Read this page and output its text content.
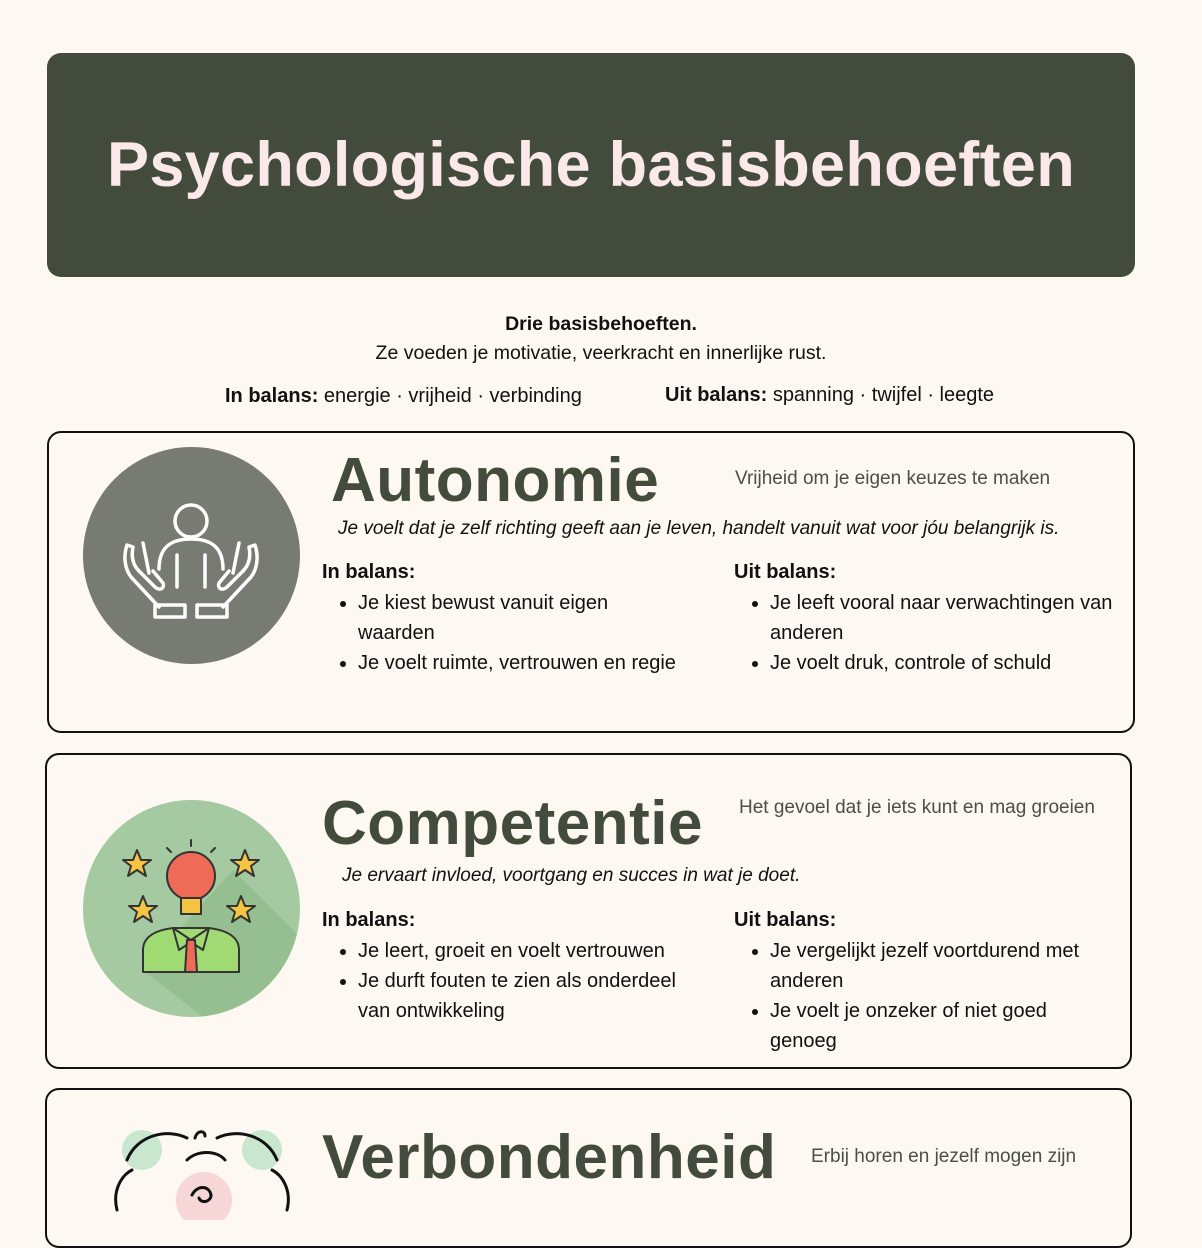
Psychologische basisbehoeften
Drie basisbehoeften.
Ze voeden je motivatie, veerkracht en innerlijke rust.
In balans: energie · vrijheid · verbinding	Uit balans: spanning · twijfel · leegte
Autonomie	Vrijheid om je eigen keuzes te maken
Je voelt dat je zelf richting geeft aan je leven, handelt vanuit wat voor jóu belangrijk is.
In balans:
• Je kiest bewust vanuit eigen waarden
• Je voelt ruimte, vertrouwen en regie
Uit balans:
• Je leeft vooral naar verwachtingen van anderen
• Je voelt druk, controle of schuld
Competentie Het gevoel dat je iets kunt en mag groeien
Je ervaart invloed, voortgang en succes in wat je doet.
In balans:
• Je leert, groeit en voelt vertrouwen
• Je durft fouten te zien als onderdeel van ontwikkeling
Uit balans:
• Je vergelijkt jezelf voortdurend met anderen
• Je voelt je onzeker of niet goed genoeg
Verbondenheid Erbij horen en jezelf mogen zijn
